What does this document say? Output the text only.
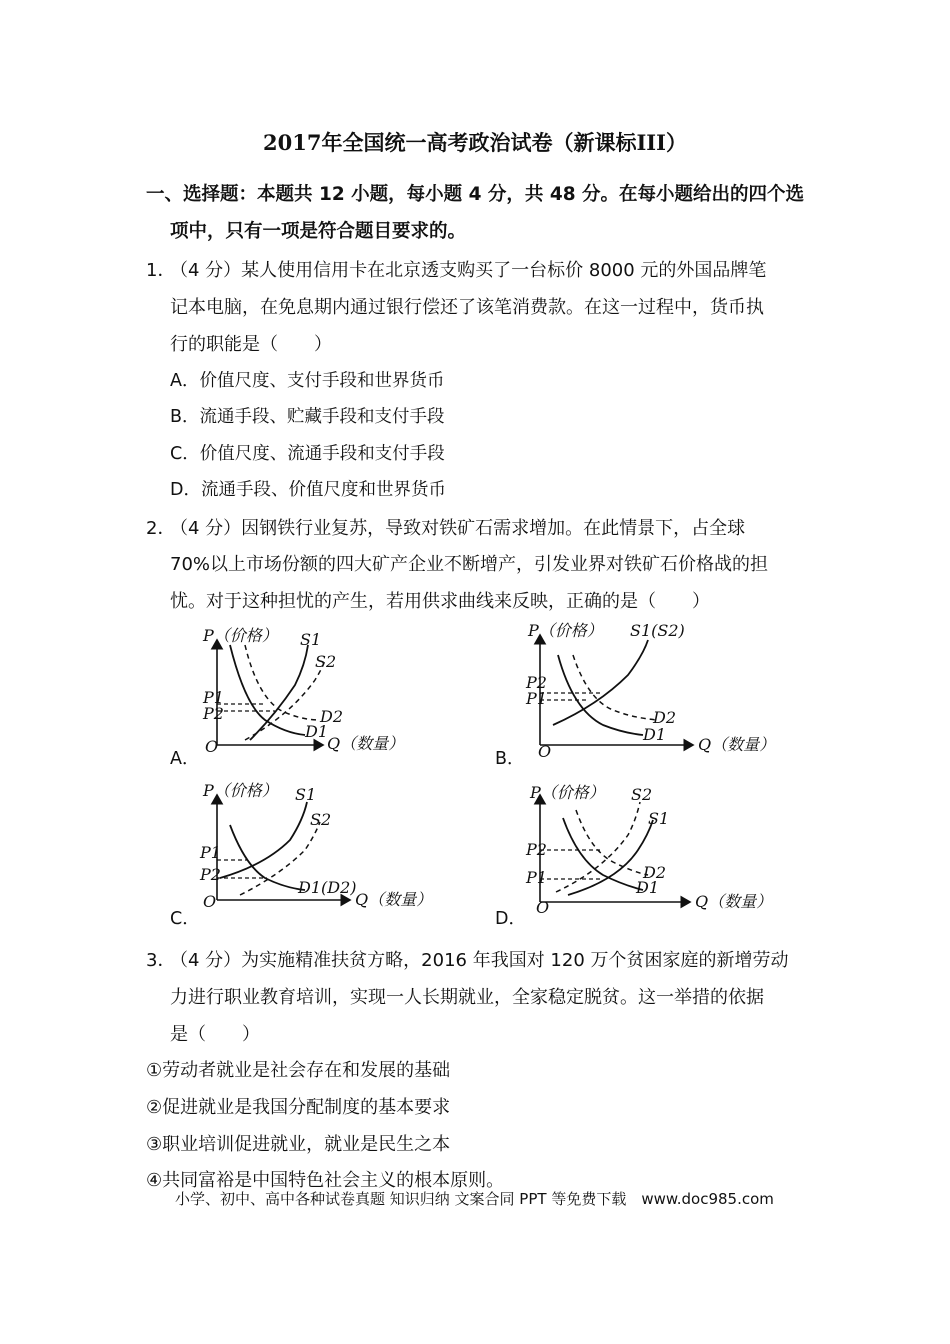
2017年全国统一高考政治试卷（新课标III）
一、选择题：本题共 12 小题，每小题 4 分，共 48 分。在每小题给出的四个选
项中，只有一项是符合题目要求的。
1．
（4 分）某人使用信用卡在北京透支购买了一台标价 8000 元的外国品牌笔
记本电脑，在免息期内通过银行偿还了该笔消费款。在这一过程中，货币执
行的职能是（　　）
A．价值尺度、支付手段和世界货币
B．流通手段、贮藏手段和支付手段
C．价值尺度、流通手段和支付手段
D．流通手段、价值尺度和世界货币
2．
（4 分）因钢铁行业复苏，导致对铁矿石需求增加。在此情景下，占全球
70%以上市场份额的四大矿产企业不断增产，引发业界对铁矿石价格战的担
忧。对于这种担忧的产生，若用供求曲线来反映，正确的是（　　）
A．
P（价格）
O	Q（数量）
P1
P2
S1
S2
D1
D2
B．
P（价格）
O	Q（数量）
S1(S2)
P2
P1
D1
D2
C．
P（价格）
O	Q（数量）
P1
P2
S1
S2
D1(D2)
D．
P（价格）
O	Q（数量）
P2
P1
S2
S1
D2
D1
3．
（4 分）为实施精准扶贫方略，2016 年我国对 120 万个贫困家庭的新增劳动
力进行职业教育培训，实现一人长期就业，全家稳定脱贫。这一举措的依据
是（　　）
①劳动者就业是社会存在和发展的基础
②促进就业是我国分配制度的基本要求
③职业培训促进就业，就业是民生之本
④共同富裕是中国特色社会主义的根本原则。
小学、初中、高中各种试卷真题 知识归纳 文案合同 PPT 等免费下载　www.doc985.com
